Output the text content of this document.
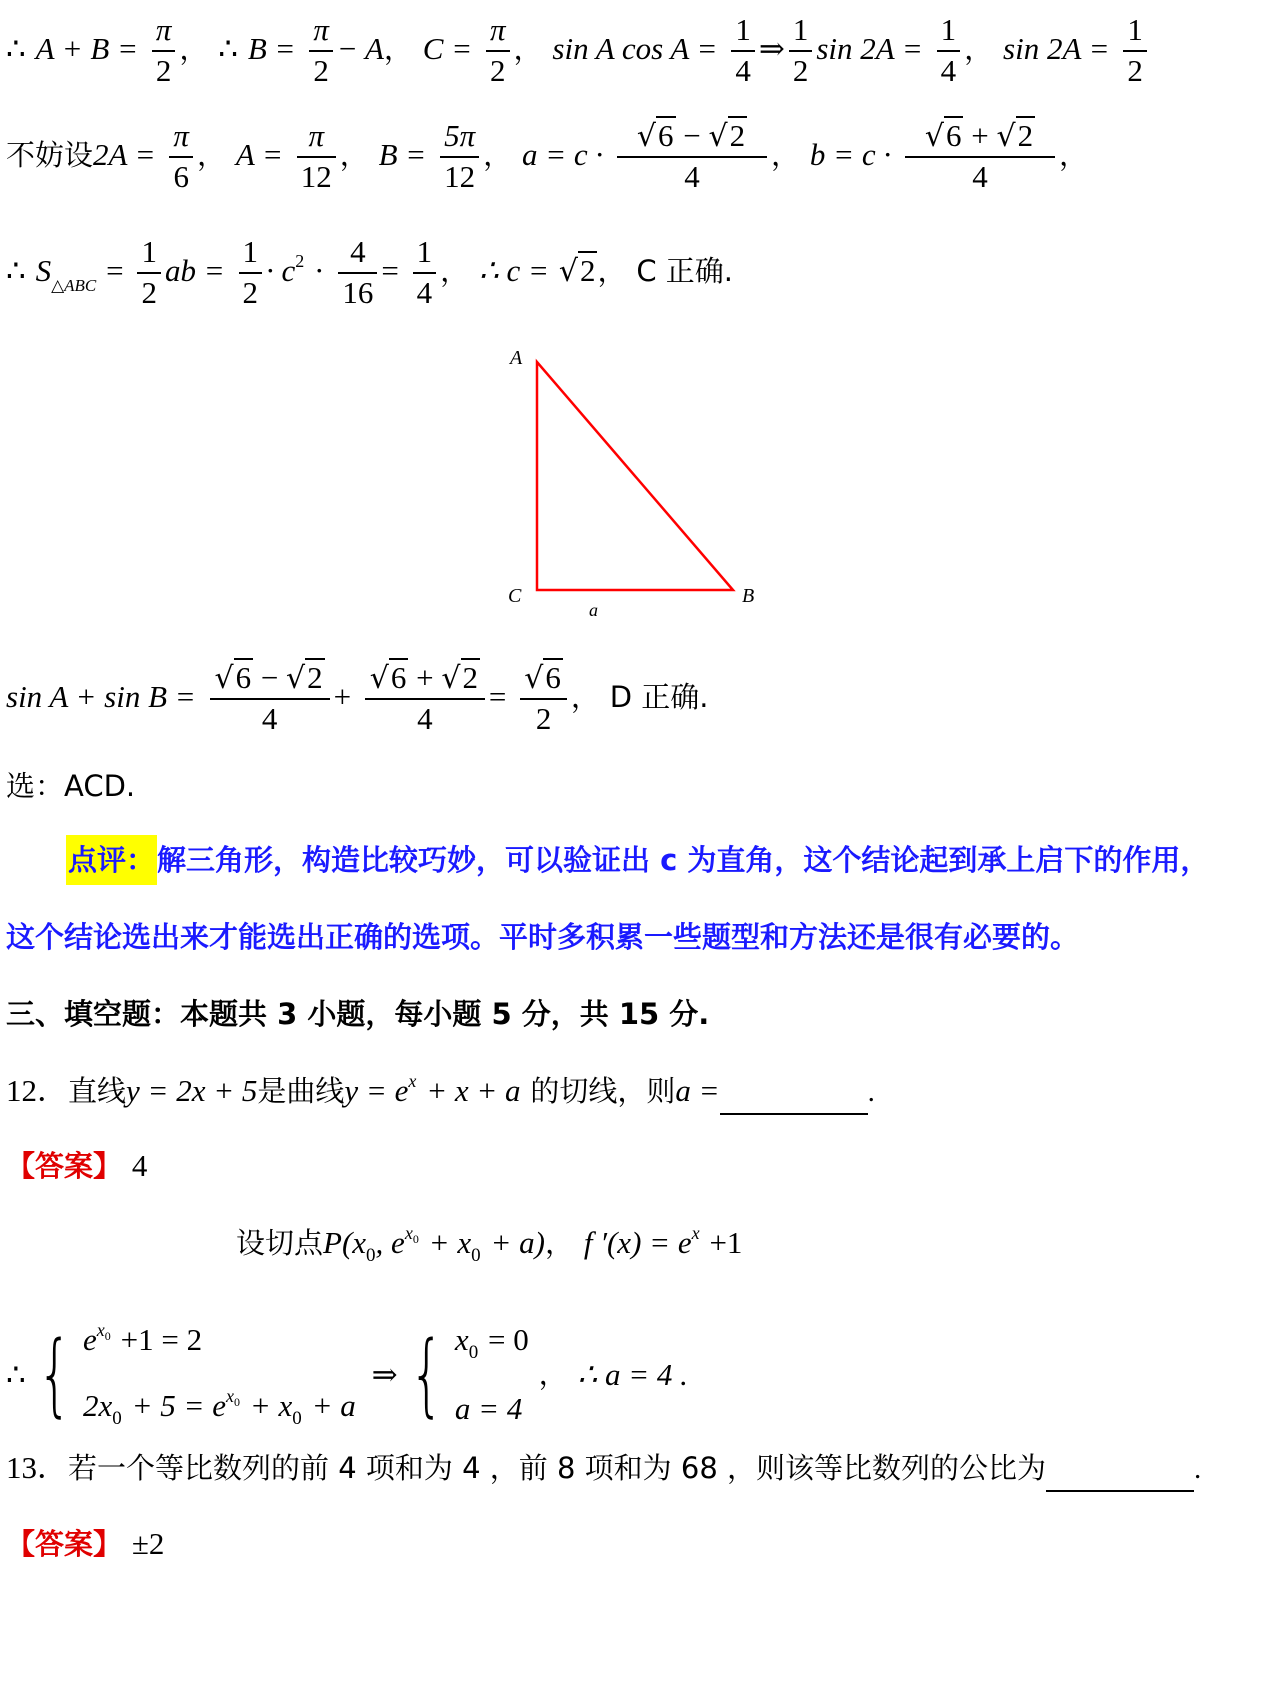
∴ $A + B = \frac{\pi}{2}$ ， ∴ $B = \frac{\pi}{2} - A$， $C = \frac{\pi}{2}$ ， sin A $\cos A = \frac{1}{4}$ ⇒ $\frac{1}{2}$ $\sin 2A = \frac{1}{4}$ ， $\sin 2A = \frac{1}{2}$
不妨设$2A = \frac{\pi}{6}$ ， $A = \frac{\pi}{12}$ ， $B = \frac{5\pi}{12}$ ， $a = c \cdot \frac{√6 - √2}{4}$ ， $b = c \cdot \frac{√6 + √2}{4}$ ，
∴ $S_{\triangle ABC} = \frac{1}{2}$ ab = $\frac{1}{2} \cdot c^2 \cdot \frac{4}{16} = \frac{1}{4}$ ， ∴ c = √2， C 正确.
A
C	B
a
$\sin A + \sin B = \frac{√6 - √2}{4} + \frac{√6 + √2}{4} = \frac{√6}{2}$ ， D 正确.
选：ACD.
点评：解三角形，构造比较巧妙，可以验证出 c 为直角，这个结论起到承上启下的作用，
这个结论选出来才能选出正确的选项。平时多积累一些题型和方法还是很有必要的。
三、填空题：本题共 3 小题，每小题 5 分，共 15 分.
12．直线y = 2x + 5是曲线$y = e^x + x + a$ 的切线，则a =	.
【答案】 4
设切点$P(x_0$, $e^{x0} + x_0 + a$)， f $'(x) = e^x +1$
∴ { $e^{x0} +1 = 2$
$2x_0 + 5 = e^{x0} + x_0 + a$ ⇒ { $x_0 = 0$
a = 4 ， ∴ a = 4 .
13．若一个等比数列的前 4 项和为 4 ，前 8 项和为 68 ，则该等比数列的公比为	.
【答案】 ±2
